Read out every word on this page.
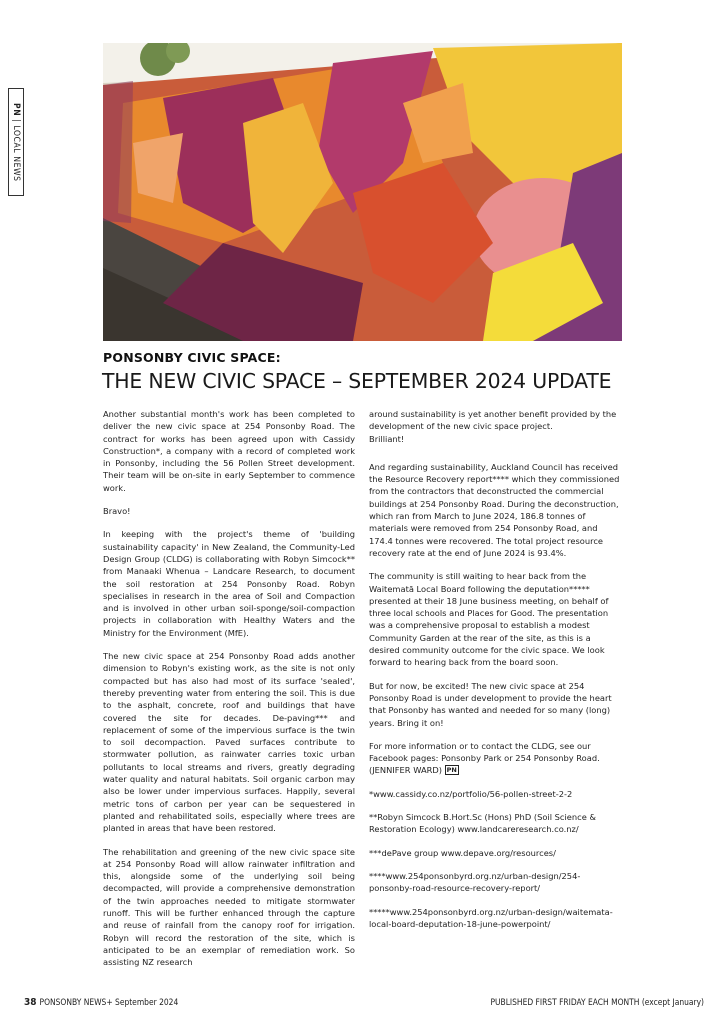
PN | LOCAL NEWS
PONSONBY CIVIC SPACE:
THE NEW CIVIC SPACE – SEPTEMBER 2024 UPDATE

Another substantial month's work has been completed to deliver the new civic space at 254 Ponsonby Road. The contract for works has been agreed upon with Cassidy Construction*, a company with a record of completed work in Ponsonby, including the 56 Pollen Street development. Their team will be on-site in early September to commence work.

Bravo!

In keeping with the project's theme of 'building sustainability capacity' in New Zealand, the Community-Led Design Group (CLDG) is collaborating with Robyn Simcock** from Manaaki Whenua – Landcare Research, to document the soil restoration at 254 Ponsonby Road. Robyn specialises in research in the area of Soil and Compaction and is involved in other urban soil-sponge/soil-compaction projects in collaboration with Healthy Waters and the Ministry for the Environment (MfE).

The new civic space at 254 Ponsonby Road adds another dimension to Robyn's existing work, as the site is not only compacted but has also had most of its surface 'sealed', thereby preventing water from entering the soil. This is due to the asphalt, concrete, roof and buildings that have covered the site for decades. De-paving*** and replacement of some of the impervious surface is the twin to soil decompaction. Paved surfaces contribute to stormwater pollution, as rainwater carries toxic urban pollutants to local streams and rivers, greatly degrading water quality and natural habitats. Soil organic carbon may also be lower under impervious surfaces. Happily, several metric tons of carbon per year can be sequestered in planted and rehabilitated soils, especially where trees are planted in areas that have been restored.

The rehabilitation and greening of the new civic space site at 254 Ponsonby Road will allow rainwater infiltration and this, alongside some of the underlying soil being decompacted, will provide a comprehensive demonstration of the twin approaches needed to mitigate stormwater runoff. This will be further enhanced through the capture and reuse of rainfall from the canopy roof for irrigation. Robyn will record the restoration of the site, which is anticipated to be an exemplar of remediation work. So assisting NZ research

around sustainability is yet another benefit provided by the development of the new civic space project.

Brilliant!

And regarding sustainability, Auckland Council has received the Resource Recovery report**** which they commissioned from the contractors that deconstructed the commercial buildings at 254 Ponsonby Road. During the deconstruction, which ran from March to June 2024, 186.8 tonnes of materials were removed from 254 Ponsonby Road, and 174.4 tonnes were recovered. The total project resource recovery rate at the end of June 2024 is 93.4%.

The community is still waiting to hear back from the Waitematā Local Board following the deputation***** presented at their 18 June business meeting, on behalf of three local schools and Places for Good. The presentation was a comprehensive proposal to establish a modest Community Garden at the rear of the site, as this is a desired community outcome for the civic space. We look forward to hearing back from the board soon.

But for now, be excited! The new civic space at 254 Ponsonby Road is under development to provide the heart that Ponsonby has wanted and needed for so many (long) years. Bring it on!

For more information or to contact the CLDG, see our Facebook pages: Ponsonby Park or 254 Ponsonby Road. (JENNIFER WARD) PN

*www.cassidy.co.nz/portfolio/56-pollen-street-2-2

**Robyn Simcock B.Hort.Sc (Hons) PhD (Soil Science & Restoration Ecology) www.landcareresearch.co.nz/

***dePave group www.depave.org/resources/

****www.254ponsonbyrd.org.nz/urban-design/254-ponsonby-road-resource-recovery-report/

*****www.254ponsonbyrd.org.nz/urban-design/waitemata-local-board-deputation-18-june-powerpoint/

38 PONSONBY NEWS+ September 2024	PUBLISHED FIRST FRIDAY EACH MONTH (except January)
